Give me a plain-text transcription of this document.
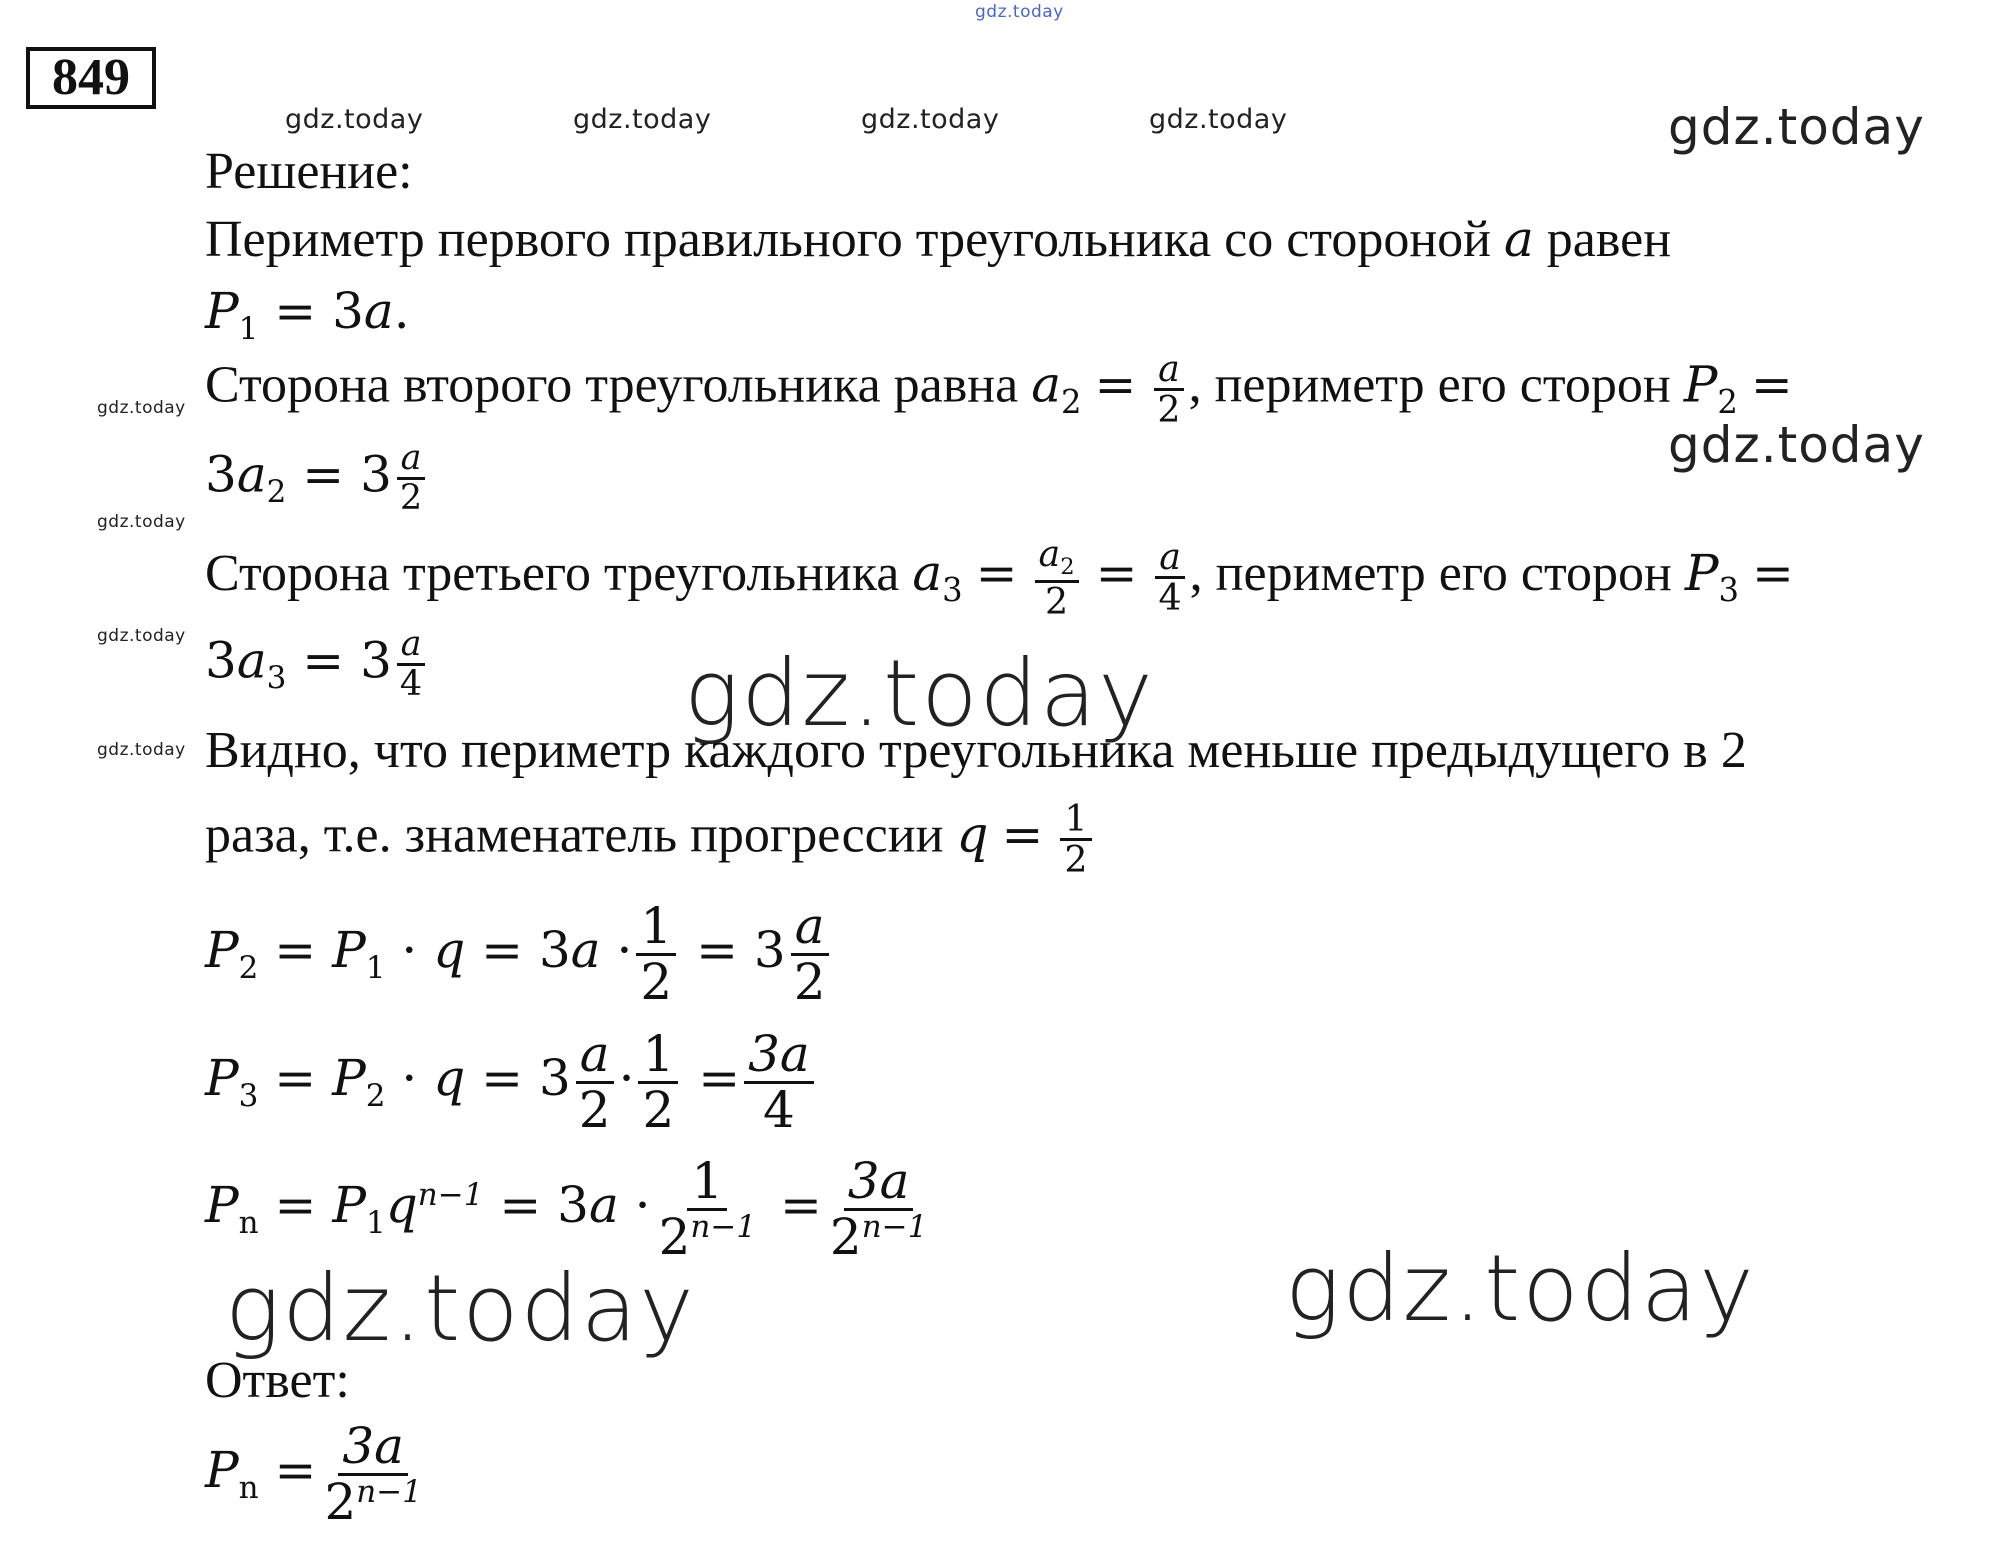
gdz.today
gdz.today	gdz.today	gdz.today	gdz.today	gdz.today
gdz.today
gdz.today
gdz.today
gdz.today
gdz.today
gdz.today
gdz.today	gdz.today
849
Решение:
Периметр первого правильного треугольника со стороной a равен
$P_1 = 3a$.
Сторона второго треугольника равна $a_2 = \frac{a}{2}$ , периметр его сторон $P_2$ =
$3a_2 = 3 \frac{a}{2}$
Сторона третьего треугольника $a_3 = \frac{a_2}{2} = \frac{a}{4}$ , периметр его сторон $P_3$ =
$3a_3 = 3 \frac{a}{4}$
Видно, что периметр каждого треугольника меньше предыдущего в 2
раза, т.е. знаменатель прогрессии $q = \frac{1}{2}$
$P_2 = P_1 \cdot q = 3a \cdot \frac{1}{2} = 3 \frac{a}{2}$
$P_3 = P_2 \cdot q = 3 \frac{a}{2} \cdot \frac{1}{2} = \frac{3a}{4}$
$P_n = P_1q^{n-1} = 3a \cdot \frac{1}{2^{n-1}} = \frac{3a}{2^{n-1}}$
Ответ:
$P_n = \frac{3a}{2^{n-1}}$
